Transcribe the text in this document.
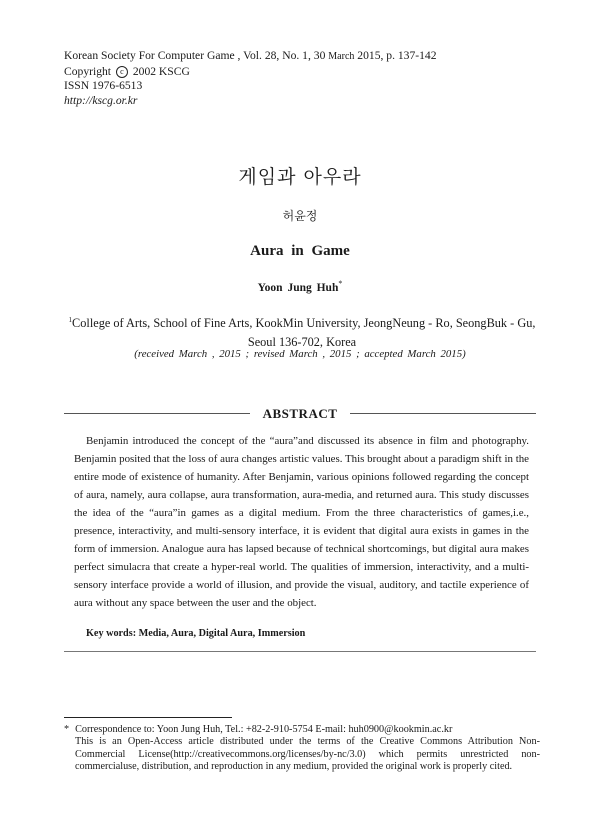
Korean Society For Computer Game , Vol. 28, No. 1, 30 March 2015, p. 137-142
Copyright c 2002 KSCG
ISSN 1976-6513
http://kscg.or.kr
게임과 아우라
허윤정
Aura in Game
Yoon Jung Huh*
$^1$College of Arts, School of Fine Arts, KookMin University, JeongNeung - Ro, SeongBuk - Gu, Seoul 136-702, Korea
(received March , 2015 ; revised March , 2015 ; accepted March 2015)
ABSTRACT
Benjamin introduced the concept of the “aura”and discussed its absence in film and photography. Benjamin posited that the loss of aura changes artistic values. This brought about a paradigm shift in the entire mode of existence of humanity. After Benjamin, various opinions followed regarding the concept of aura, namely, aura collapse, aura transformation, aura-media, and returned aura. This study discusses the idea of the “aura”in games as a digital medium. From the three characteristics of games,i.e., presence, interactivity, and multi-sensory interface, it is evident that digital aura exists in games in the form of immersion. Analogue aura has lapsed because of technical shortcomings, but digital aura makes perfect simulacra that create a hyper-real world. The qualities of immersion, interactivity, and a multi-sensory interface provide a world of illusion, and provide the visual, auditory, and tactile experience of aura without any space between the user and the object.
Key words: Media, Aura, Digital Aura, Immersion
* Correspondence to: Yoon Jung Huh, Tel.: +82-2-910-5754 E-mail: huh0900@kookmin.ac.kr
This is an Open-Access article distributed under the terms of the Creative Commons Attribution Non-Commercial License(http://creativecommons.org/licenses/by-nc/3.0) which permits unrestricted non-commercialuse, distribution, and reproduction in any medium, provided the original work is properly cited.
